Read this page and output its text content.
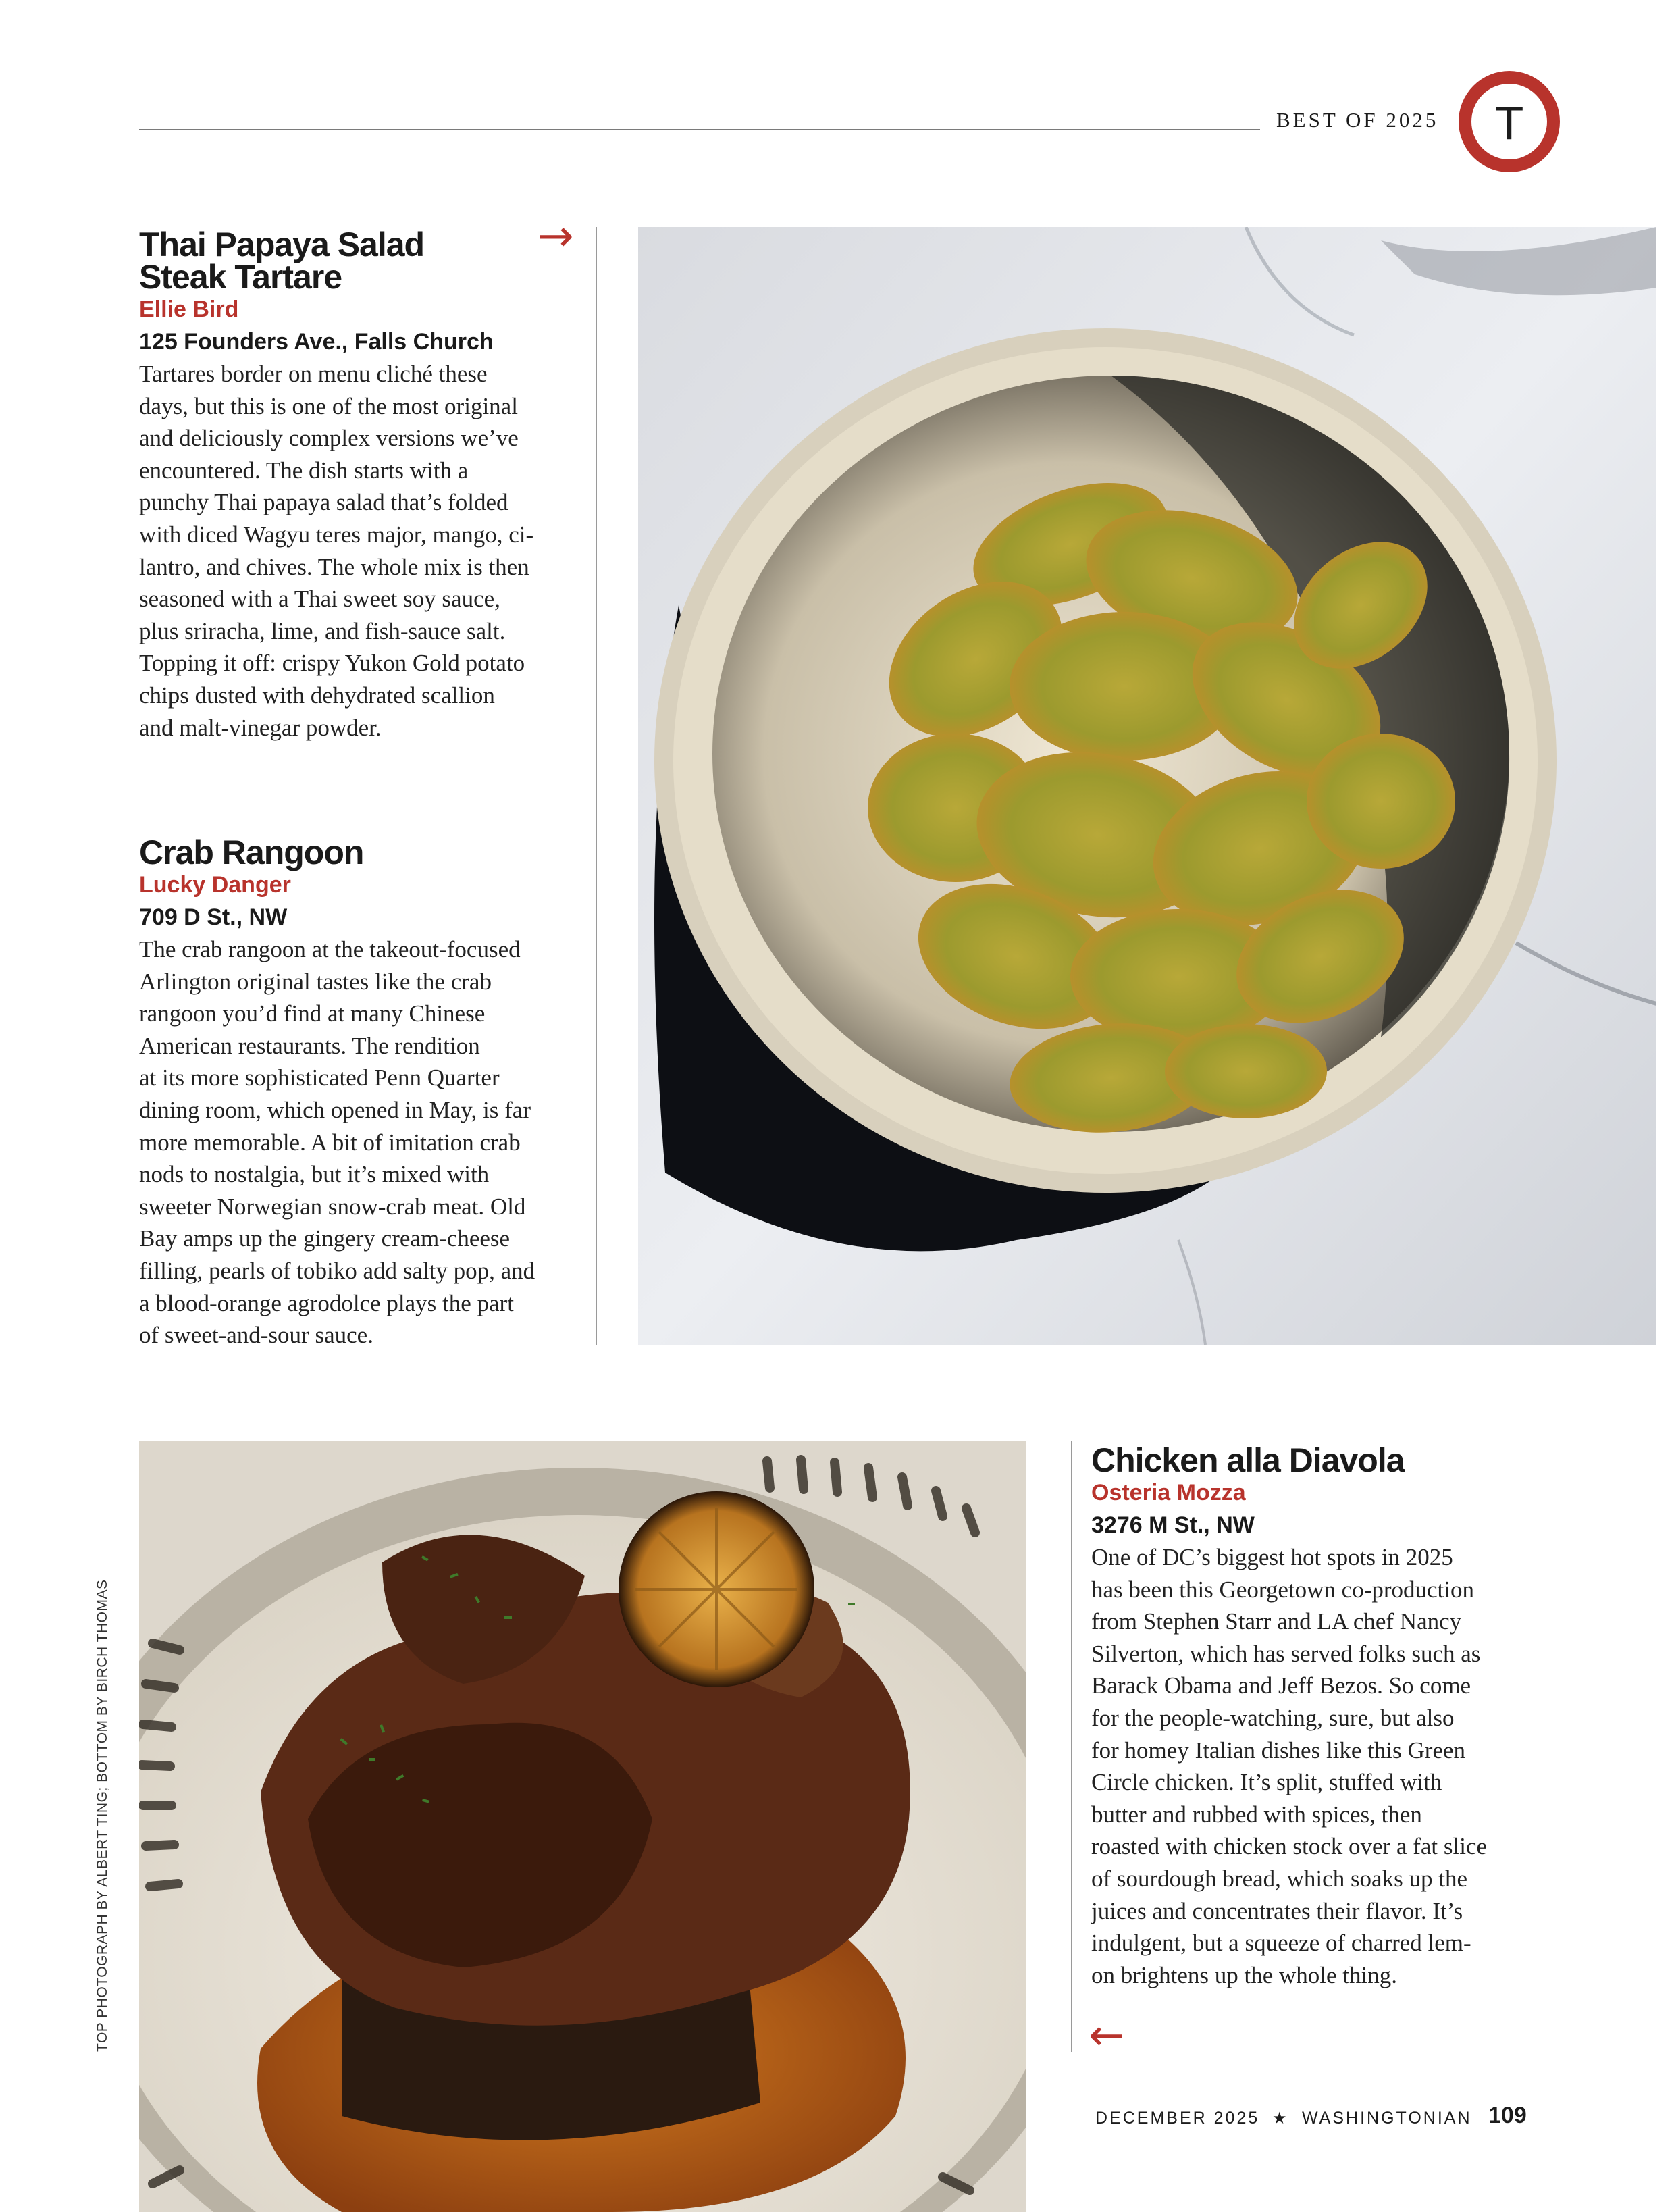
BEST OF 2025 T
Thai Papaya Salad
Steak Tartare

Ellie Bird

125 Founders Ave., Falls Church

Tartares border on menu cliché these
days, but this is one of the most original
and deliciously complex versions we’ve
encountered. The dish starts with a
punchy Thai papaya salad that’s folded
with diced Wagyu teres major, mango, ci-
lantro, and chives. The whole mix is then
seasoned with a Thai sweet soy sauce,
plus sriracha, lime, and fish-sauce salt.
Topping it off: crispy Yukon Gold potato
chips dusted with dehydrated scallion
and malt-vinegar powder.

→
Crab Rangoon

Lucky Danger

709 D St., NW

The crab rangoon at the takeout-focused
Arlington original tastes like the crab
rangoon you’d find at many Chinese
American restaurants. The rendition
at its more sophisticated Penn Quarter
dining room, which opened in May, is far
more memorable. A bit of imitation crab
nods to nostalgia, but it’s mixed with
sweeter Norwegian snow-crab meat. Old
Bay amps up the gingery cream-cheese
filling, pearls of tobiko add salty pop, and
a blood-orange agrodolce plays the part
of sweet-and-sour sauce.

TOP PHOTOGRAPH BY ALBERT TING; BOTTOM BY BIRCH THOMAS
Chicken alla Diavola

Osteria Mozza

3276 M St., NW

One of DC’s biggest hot spots in 2025
has been this Georgetown co-production
from Stephen Starr and LA chef Nancy
Silverton, which has served folks such as
Barack Obama and Jeff Bezos. So come
for the people-watching, sure, but also
for homey Italian dishes like this Green
Circle chicken. It’s split, stuffed with
butter and rubbed with spices, then
roasted with chicken stock over a fat slice
of sourdough bread, which soaks up the
juices and concentrates their flavor. It’s
indulgent, but a squeeze of charred lem-
on brightens up the whole thing.

←
DECEMBER 2025 ★ WASHINGTONIAN 109
